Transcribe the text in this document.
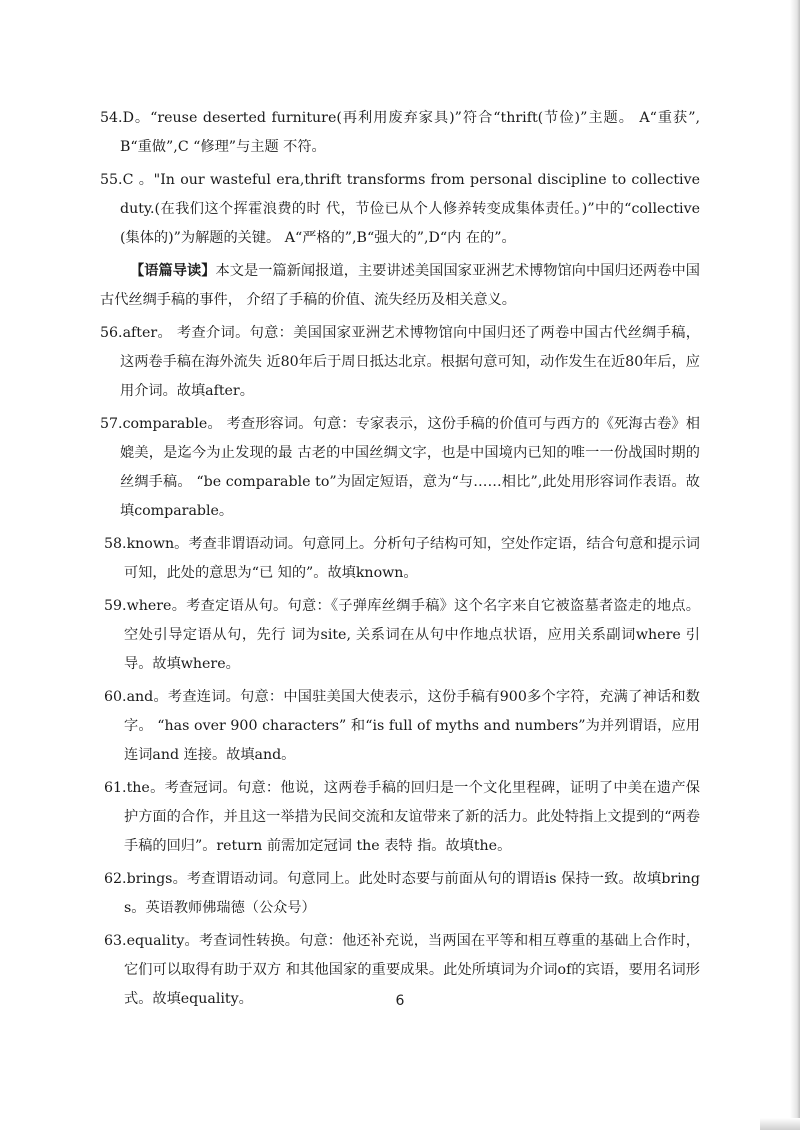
54.D。“reuse deserted furniture(再利用废弃家具)”符合“thrift(节俭)”主题。 A“重获”,B“重做”,C “修理”与主题 不符。

55.C 。"In our wasteful era,thrift transforms from personal discipline to collective duty.(在我们这个挥霍浪费的时 代，节俭已从个人修养转变成集体责任。)”中的“collective(集体的)”为解题的关键。 A“严格的”,B“强大的”,D“内 在的”。

【语篇导读】本文是一篇新闻报道，主要讲述美国国家亚洲艺术博物馆向中国归还两卷中国古代丝绸手稿的事件， 介绍了手稿的价值、流失经历及相关意义。

56.after。 考查介词。句意：美国国家亚洲艺术博物馆向中国归还了两卷中国古代丝绸手稿，这两卷手稿在海外流失 近80年后于周日抵达北京。根据句意可知，动作发生在近80年后，应用介词。故填after。

57.comparable。 考查形容词。句意：专家表示，这份手稿的价值可与西方的《死海古卷》相媲美，是迄今为止发现的最 古老的中国丝绸文字，也是中国境内已知的唯一一份战国时期的丝绸手稿。 “be comparable to”为固定短语，意为“与……相比”,此处用形容词作表语。故填comparable。

58.known。考查非谓语动词。句意同上。分析句子结构可知，空处作定语，结合句意和提示词可知，此处的意思为“已 知的”。故填known。

59.where。考查定语从句。句意：《子弹库丝绸手稿》这个名字来自它被盗墓者盗走的地点。空处引导定语从句，先行 词为site, 关系词在从句中作地点状语，应用关系副词where 引导。故填where。

60.and。考查连词。句意：中国驻美国大使表示，这份手稿有900多个字符，充满了神话和数字。 “has over 900 characters” 和“is full of myths and numbers”为并列谓语，应用连词and 连接。故填and。

61.the。考查冠词。句意：他说，这两卷手稿的回归是一个文化里程碑，证明了中美在遗产保护方面的合作，并且这一举措为民间交流和友谊带来了新的活力。此处特指上文提到的“两卷手稿的回归”。return 前需加定冠词 the 表特 指。故填the。

62.brings。考查谓语动词。句意同上。此处时态要与前面从句的谓语is 保持一致。故填brings。英语教师佛瑞德（公众号）

63.equality。考查词性转换。句意：他还补充说，当两国在平等和相互尊重的基础上合作时，它们可以取得有助于双方 和其他国家的重要成果。此处所填词为介词of的宾语，要用名词形式。故填equality。	6
